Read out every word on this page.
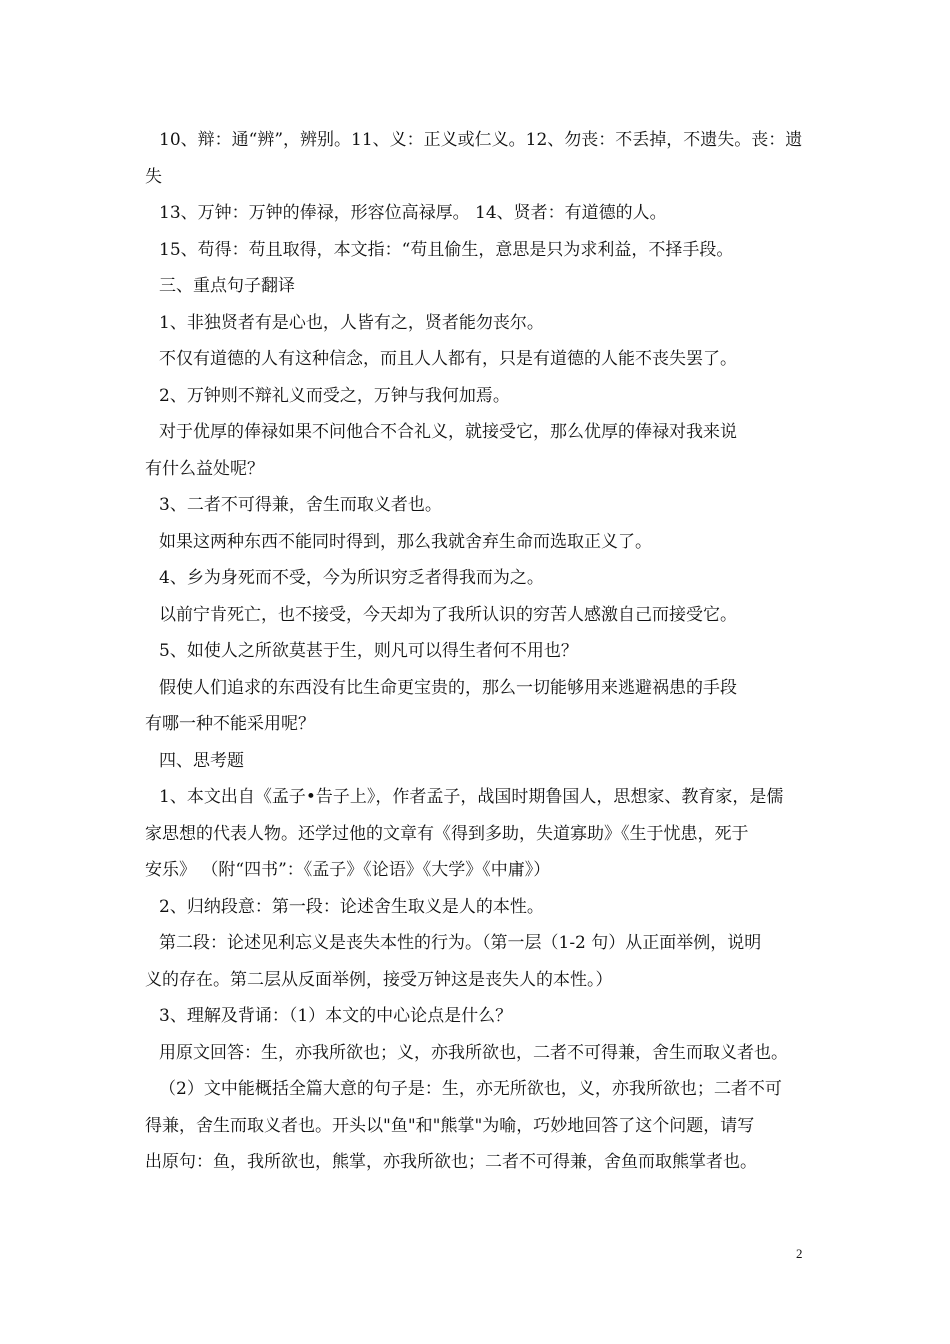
10、辩：通“辨”，辨别。11、义：正义或仁义。12、勿丧：不丢掉，不遗失。丧：遗
失
13、万钟：万钟的俸禄，形容位高禄厚。 14、贤者：有道德的人。
15、苟得：苟且取得，本文指：“苟且偷生，意思是只为求利益，不择手段。
三、重点句子翻译
1、非独贤者有是心也，人皆有之，贤者能勿丧尔。
不仅有道德的人有这种信念，而且人人都有，只是有道德的人能不丧失罢了。
2、万钟则不辩礼义而受之，万钟与我何加焉。
对于优厚的俸禄如果不问他合不合礼义，就接受它，那么优厚的俸禄对我来说
有什么益处呢？
3、二者不可得兼，舍生而取义者也。
如果这两种东西不能同时得到，那么我就舍弃生命而选取正义了。
4、乡为身死而不受，今为所识穷乏者得我而为之。
以前宁肯死亡，也不接受，今天却为了我所认识的穷苦人感激自己而接受它。
5、如使人之所欲莫甚于生，则凡可以得生者何不用也？
假使人们追求的东西没有比生命更宝贵的，那么一切能够用来逃避祸患的手段
有哪一种不能采用呢？
四、思考题
1、本文出自《孟子•告子上》，作者孟子，战国时期鲁国人，思想家、教育家，是儒
家思想的代表人物。还学过他的文章有《得到多助，失道寡助》《生于忧患，死于
安乐》 （附“四书”：《孟子》《论语》《大学》《中庸》）
2、归纳段意：第一段：论述舍生取义是人的本性。
第二段：论述见利忘义是丧失本性的行为。（第一层（1-2 句）从正面举例，说明
义的存在。第二层从反面举例，接受万钟这是丧失人的本性。）
3、理解及背诵：（1）本文的中心论点是什么？
用原文回答：生，亦我所欲也；义，亦我所欲也，二者不可得兼，舍生而取义者也。
（2）文中能概括全篇大意的句子是：生，亦无所欲也，义，亦我所欲也；二者不可
得兼，舍生而取义者也。开头以"鱼"和"熊掌"为喻，巧妙地回答了这个问题，请写
出原句：鱼，我所欲也，熊掌，亦我所欲也；二者不可得兼，舍鱼而取熊掌者也。
2
